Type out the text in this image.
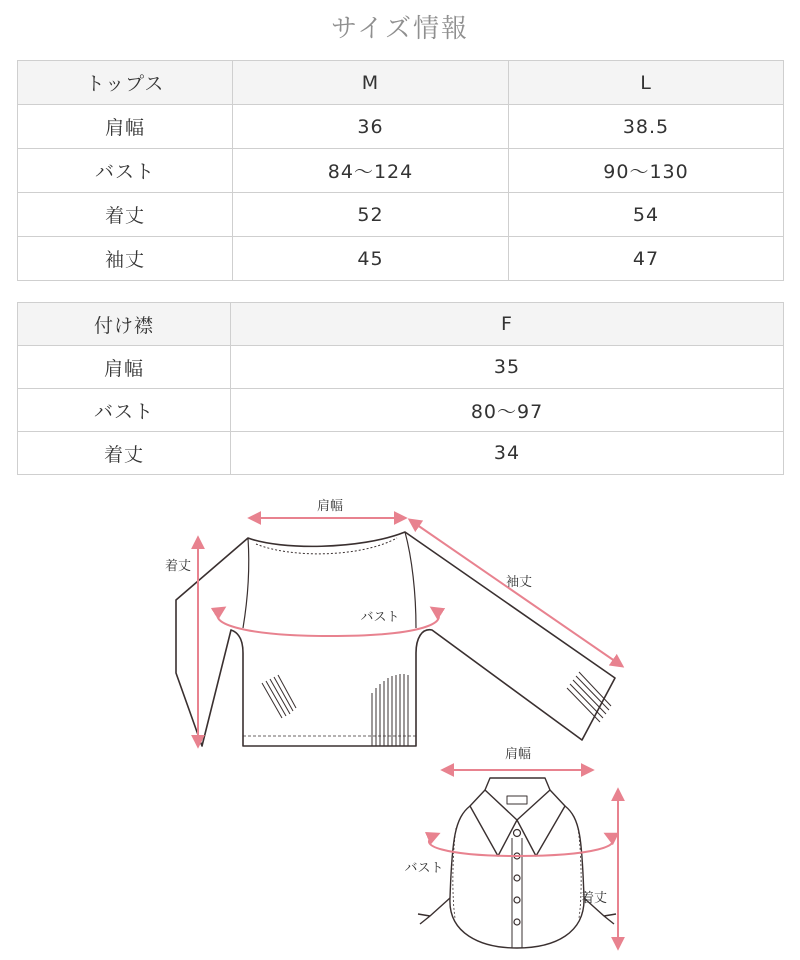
サイズ情報
トップス	M	L
肩幅	36	38.5
バスト	84〜124	90〜130
着丈	52	54
袖丈	45	47
付け襟	F
肩幅	35
バスト	80〜97
着丈	34
肩幅
着丈
袖丈
バスト
肩幅
バスト
着丈
